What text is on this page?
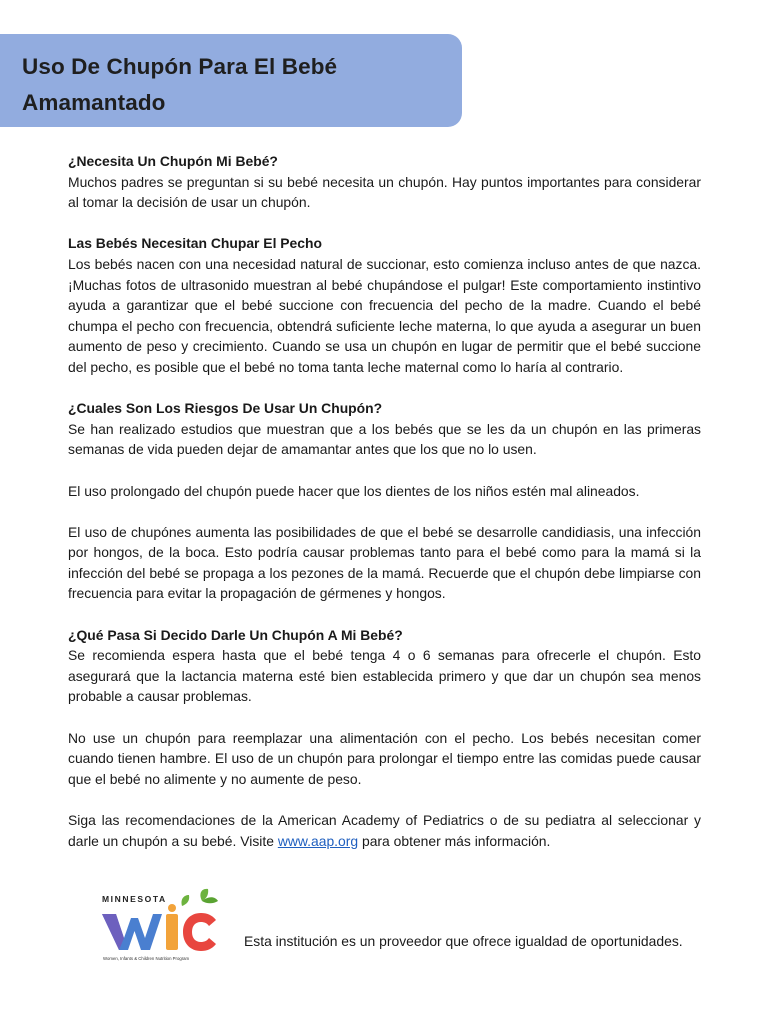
Uso De Chupón Para El Bebé
Amamantado
¿Necesita Un Chupón Mi Bebé?

Muchos padres se preguntan si su bebé necesita un chupón. Hay puntos importantes para considerar al tomar la decisión de usar un chupón.

Las Bebés Necesitan Chupar El Pecho

Los bebés nacen con una necesidad natural de succionar, esto comienza incluso antes de que nazca. ¡Muchas fotos de ultrasonido muestran al bebé chupándose el pulgar! Este comportamiento instintivo ayuda a garantizar que el bebé succione con frecuencia del pecho de la madre. Cuando el bebé chumpa el pecho con frecuencia, obtendrá suficiente leche materna, lo que ayuda a asegurar un buen aumento de peso y crecimiento. Cuando se usa un chupón en lugar de permitir que el bebé succione del pecho, es posible que el bebé no toma tanta leche maternal como lo haría al contrario.

¿Cuales Son Los Riesgos De Usar Un Chupón?

Se han realizado estudios que muestran que a los bebés que se les da un chupón en las primeras semanas de vida pueden dejar de amamantar antes que los que no lo usen.

El uso prolongado del chupón puede hacer que los dientes de los niños estén mal alineados.

El uso de chupónes aumenta las posibilidades de que el bebé se desarrolle candidiasis, una infección por hongos, de la boca. Esto podría causar problemas tanto para el bebé como para la mamá si la infección del bebé se propaga a los pezones de la mamá. Recuerde que el chupón debe limpiarse con frecuencia para evitar la propagación de gérmenes y hongos.

¿Qué Pasa Si Decido Darle Un Chupón A Mi Bebé?

Se recomienda espera hasta que el bebé tenga 4 o 6 semanas para ofrecerle el chupón. Esto asegurará que la lactancia materna esté bien establecida primero y que dar un chupón sea menos probable a causar problemas.

No use un chupón para reemplazar una alimentación con el pecho. Los bebés necesitan comer cuando tienen hambre. El uso de un chupón para prolongar el tiempo entre las comidas puede causar que el bebé no alimente y no aumente de peso.

Siga las recomendaciones de la American Academy of Pediatrics o de su pediatra al seleccionar y darle un chupón a su bebé. Visite www.aap.org para obtener más información.

MINNESOTA
Women, Infants & Children Nutrition Program
Esta institución es un proveedor que ofrece igualdad de oportunidades.
